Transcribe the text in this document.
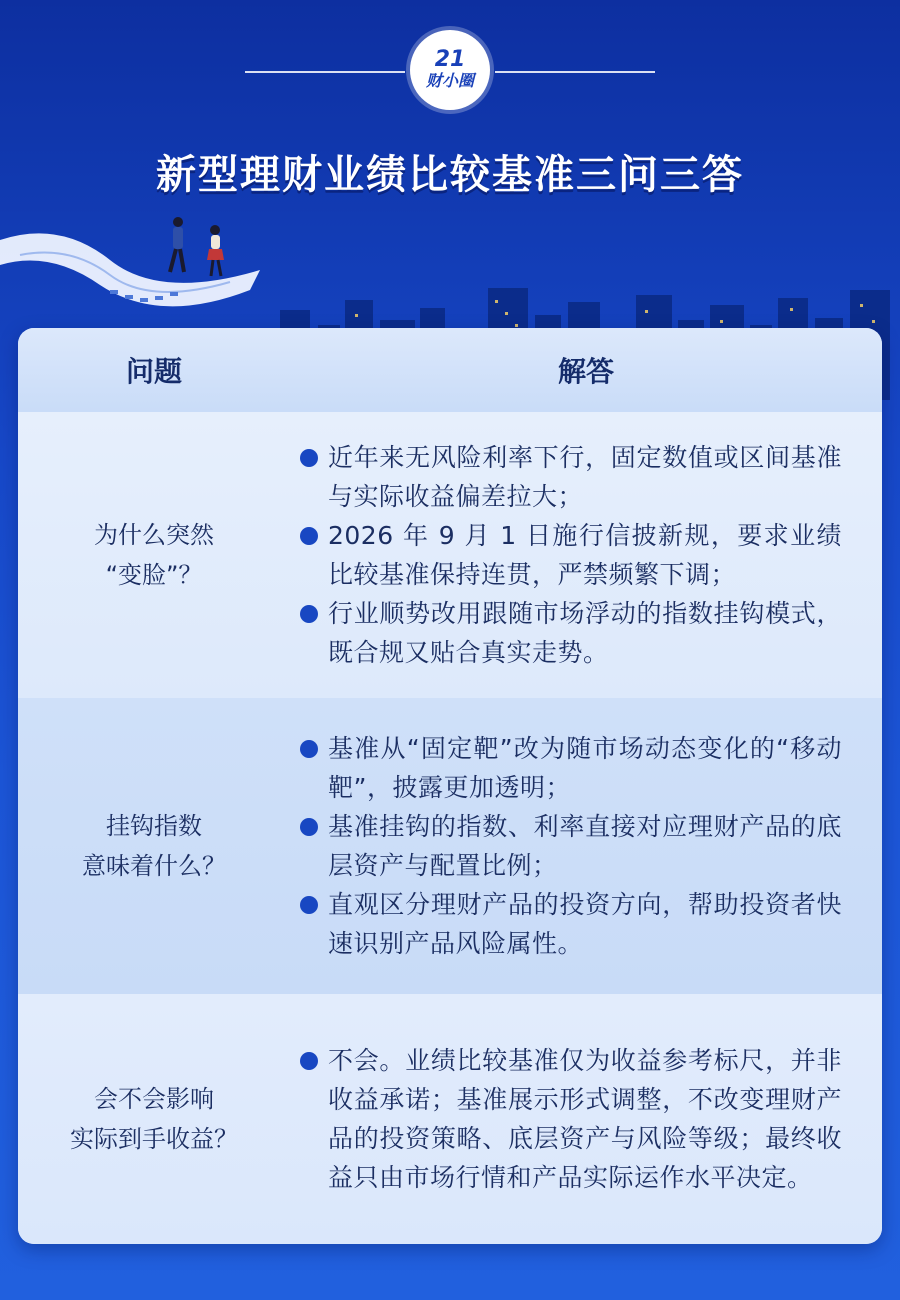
21
财小圈
新型理财业绩比较基准三问三答
问题	解答
为什么突然
“变脸”？
近年来无风险利率下行，固定数值或区间基准与实际收益偏差拉大；
2026 年 9 月 1 日施行信披新规，要求业绩比较基准保持连贯，严禁频繁下调；
行业顺势改用跟随市场浮动的指数挂钩模式，既合规又贴合真实走势。
挂钩指数
意味着什么？
基准从“固定靶”改为随市场动态变化的“移动靶”，披露更加透明；
基准挂钩的指数、利率直接对应理财产品的底层资产与配置比例；
直观区分理财产品的投资方向，帮助投资者快速识别产品风险属性。
会不会影响
实际到手收益？
不会。业绩比较基准仅为收益参考标尺，并非收益承诺；基准展示形式调整，不改变理财产品的投资策略、底层资产与风险等级；最终收益只由市场行情和产品实际运作水平决定。
